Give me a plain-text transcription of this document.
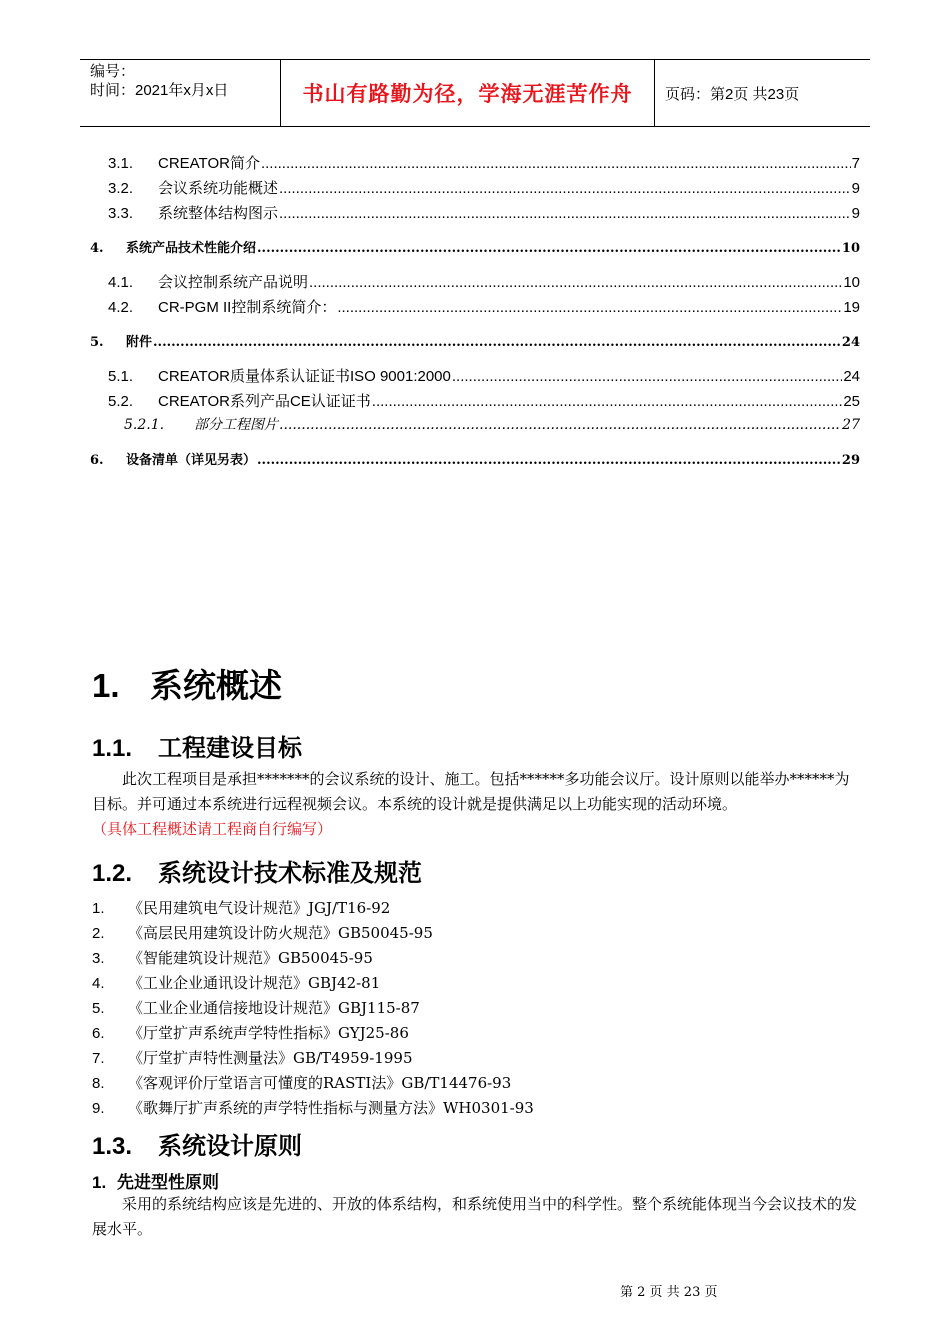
编号：
时间：2021年x月x日	书山有路勤为径，学海无涯苦作舟	页码：第2页 共23页
3.1.	CREATOR简介 .....	7
3.2.	会议系统功能概述 .....	9
3.3.	系统整体结构图示 .....	9
4.	系统产品技术性能介绍 .....	10
4.1.	会议控制系统产品说明 .....	10
4.2.	CR-PGM II控制系统简介： .....	19
5.	附件 .....	24
5.1.	CREATOR质量体系认证证书ISO 9001:2000 .....	24
5.2.	CREATOR系列产品CE认证证书 .....	25
5.2.1.	部分工程图片 .....	27
6.	设备清单（详见另表） .....	29
1. 系统概述
1.1. 工程建设目标
此次工程项目是承担*******的会议系统的设计、施工。包括******多功能会议厅。设计原则以能举办******为目标。并可通过本系统进行远程视频会议。本系统的设计就是提供满足以上功能实现的活动环境。
（具体工程概述请工程商自行编写）
1.2. 系统设计技术标准及规范
1.	《民用建筑电气设计规范》JGJ/T16-92
2.	《高层民用建筑设计防火规范》GB50045-95
3.	《智能建筑设计规范》GB50045-95
4.	《工业企业通讯设计规范》GBJ42-81
5.	《工业企业通信接地设计规范》GBJ115-87
6.	《厅堂扩声系统声学特性指标》GYJ25-86
7.	《厅堂扩声特性测量法》GB/T4959-1995
8.	《客观评价厅堂语言可懂度的RASTI法》GB/T14476-93
9.	《歌舞厅扩声系统的声学特性指标与测量方法》WH0301-93
1.3. 系统设计原则
1. 先进型性原则
采用的系统结构应该是先进的、开放的体系结构，和系统使用当中的科学性。整个系统能体现当今会议技术的发展水平。
第 2 页 共 23 页
